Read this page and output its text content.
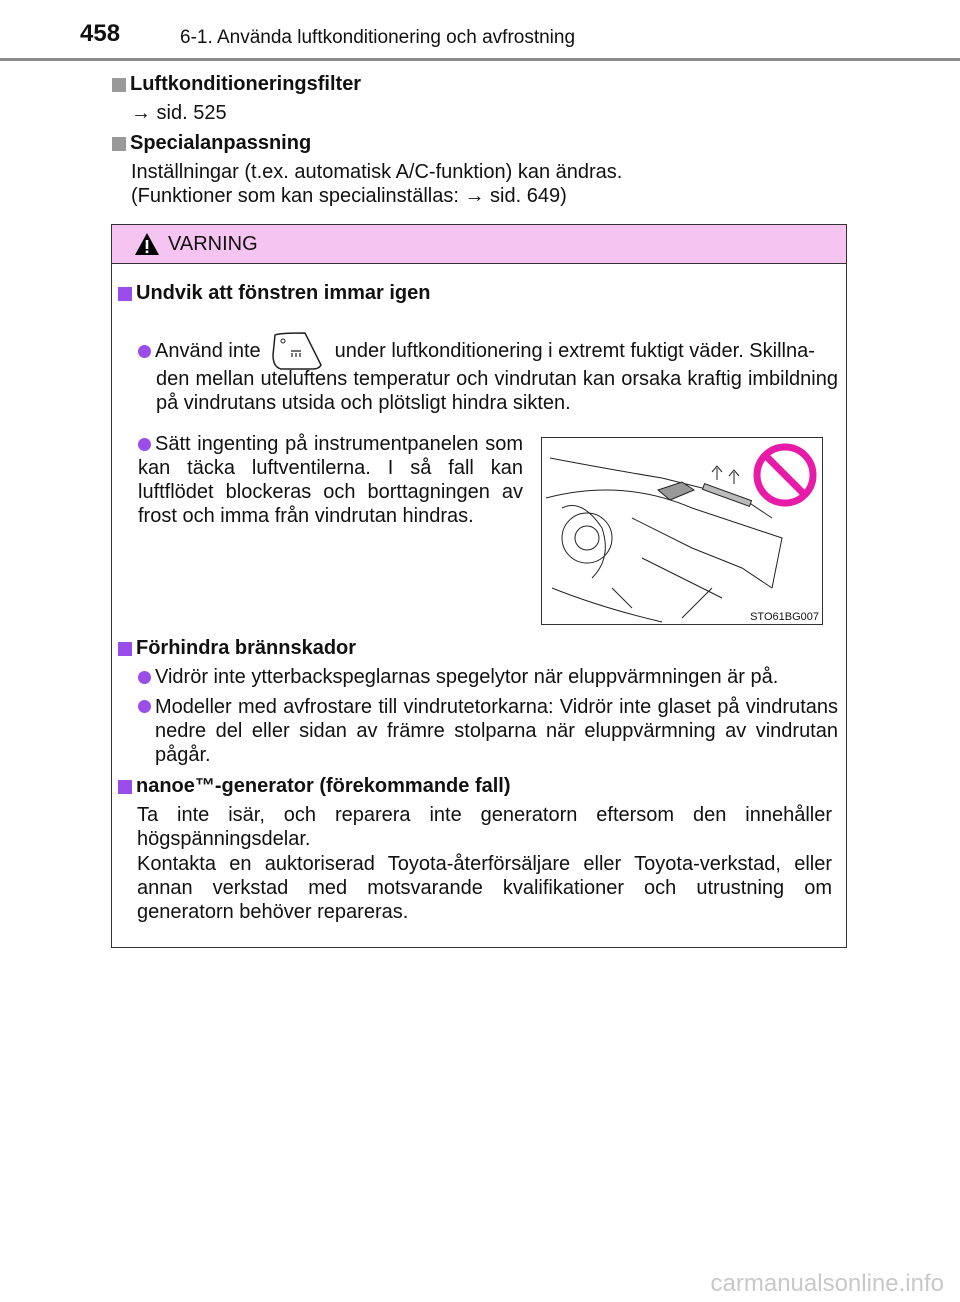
458	6-1. Använda luftkonditionering och avfrostning
Luftkonditioneringsfilter
→ sid. 525
Specialanpassning
Inställningar (t.ex. automatisk A/C-funktion) kan ändras.
(Funktioner som kan specialinställas: → sid. 649)
VARNING
Undvik att fönstren immar igen
Använd inte	under luftkonditionering i extremt fuktigt väder. Skillna-
den mellan uteluftens temperatur och vindrutan kan orsaka kraftig imbildning på vindrutans utsida och plötsligt hindra sikten.
Sätt ingenting på instrumentpanelen som kan täcka luftventilerna. I så fall kan luftflödet blockeras och borttagningen av frost och imma från vindrutan hindras.
STO61BG007
Förhindra brännskador
Vidrör inte ytterbackspeglarnas spegelytor när eluppvärmningen är på.
Modeller med avfrostare till vindrutetorkarna: Vidrör inte glaset på vindrutans nedre del eller sidan av främre stolparna när eluppvärmning av vindrutan pågår.
nanoe™-generator (förekommande fall)
Ta inte isär, och reparera inte generatorn eftersom den innehåller högspänningsdelar.
Kontakta en auktoriserad Toyota-återförsäljare eller Toyota-verkstad, eller annan verkstad med motsvarande kvalifikationer och utrustning om generatorn behöver repareras.
carmanualsonline.info
